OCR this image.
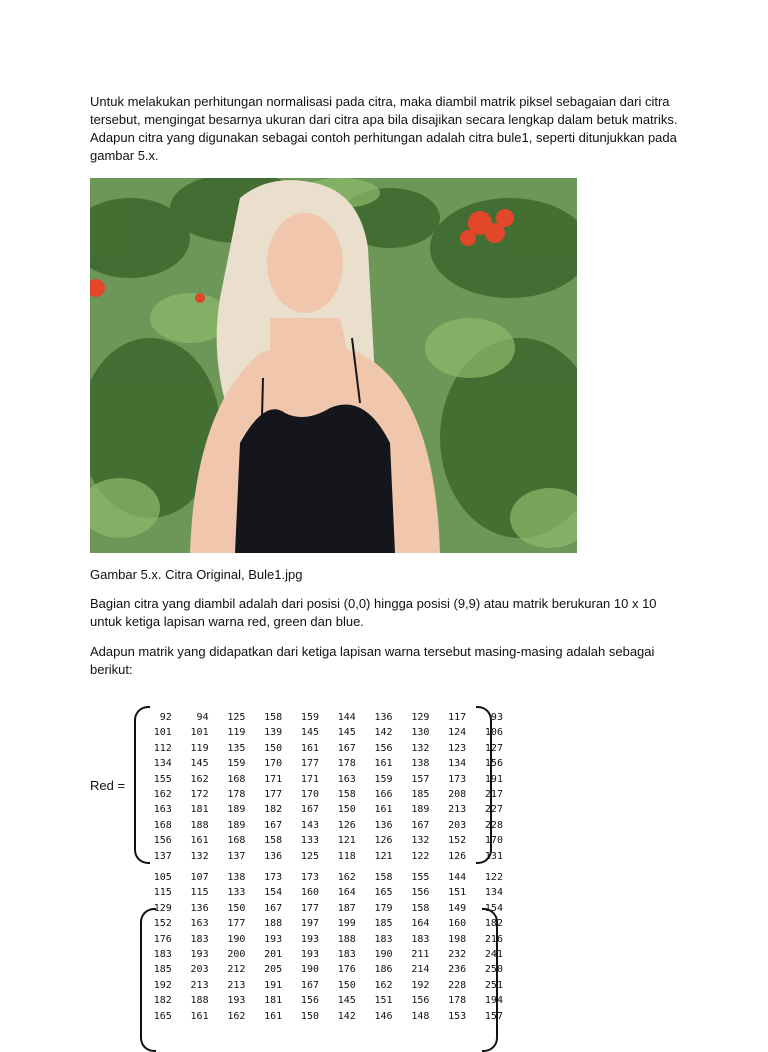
Untuk melakukan perhitungan normalisasi pada citra, maka diambil matrik piksel sebagaian dari citra tersebut, mengingat besarnya ukuran dari citra apa bila disajikan secara lengkap dalam betuk matriks. Adapun citra yang digunakan sebagai contoh perhitungan adalah citra bule1, seperti ditunjukkan pada gambar 5.x.

Gambar 5.x. Citra Original, Bule1.jpg

Bagian citra yang diambil adalah dari posisi (0,0) hingga posisi (9,9) atau matrik berukuran 10 x 10 untuk ketiga lapisan warna red, green dan blue.

Adapun matrik yang didapatkan dari ketiga lapisan warna tersebut masing-masing adalah sebagai berikut:

Red =
92	94	125	158	159	144	136	129	117	93
101	101	119	139	145	145	142	130	124	106
112	119	135	150	161	167	156	132	123	127
134	145	159	170	177	178	161	138	134	156
155	162	168	171	171	163	159	157	173	191
162	172	178	177	170	158	166	185	208	217
163	181	189	182	167	150	161	189	213	227
168	188	189	167	143	126	136	167	203	228
156	161	168	158	133	121	126	132	152	170
137	132	137	136	125	118	121	122	126	131
105	107	138	173	173	162	158	155	144	122
115	115	133	154	160	164	165	156	151	134
129	136	150	167	177	187	179	158	149	154
152	163	177	188	197	199	185	164	160	182
176	183	190	193	193	188	183	183	198	216
183	193	200	201	193	183	190	211	232	241
185	203	212	205	190	176	186	214	236	250
192	213	213	191	167	150	162	192	228	251
182	188	193	181	156	145	151	156	178	194
165	161	162	161	150	142	146	148	153	157
